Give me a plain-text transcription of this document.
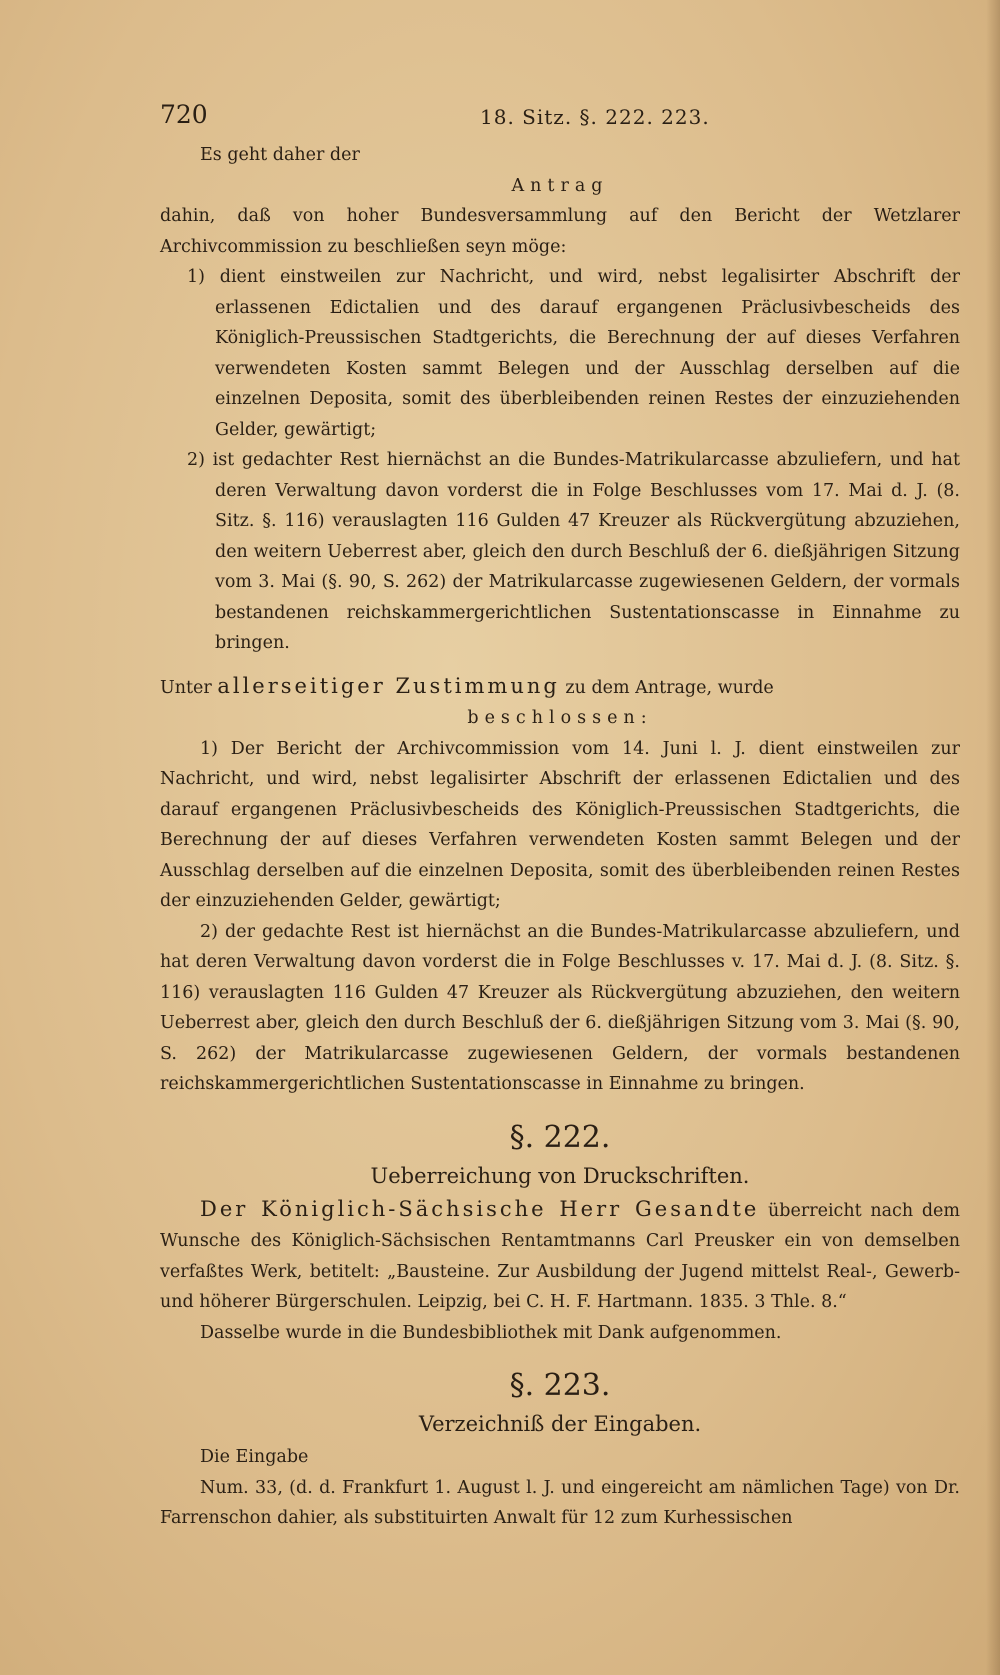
720	18. Sitz. §. 222. 223.

Es geht daher der

Antrag

dahin, daß von hoher Bundesversammlung auf den Bericht der Wetzlarer Archivcommission zu beschließen seyn möge:

1) dient einstweilen zur Nachricht, und wird, nebst legalisirter Abschrift der erlassenen Edictalien und des darauf ergangenen Präclusivbescheids des Königlich-Preussischen Stadtgerichts, die Berechnung der auf dieses Verfahren verwendeten Kosten sammt Belegen und der Ausschlag derselben auf die einzelnen Deposita, somit des überbleibenden reinen Restes der einzuziehenden Gelder, gewärtigt;

2) ist gedachter Rest hiernächst an die Bundes-Matrikularcasse abzuliefern, und hat deren Verwaltung davon vorderst die in Folge Beschlusses vom 17. Mai d. J. (8. Sitz. §. 116) verauslagten 116 Gulden 47 Kreuzer als Rückvergütung abzuziehen, den weitern Ueberrest aber, gleich den durch Beschluß der 6. dießjährigen Sitzung vom 3. Mai (§. 90, S. 262) der Matrikularcasse zugewiesenen Geldern, der vormals bestandenen reichskammergerichtlichen Sustentationscasse in Einnahme zu bringen.

Unter allerseitiger Zustimmung zu dem Antrage, wurde

beschlossen:

1) Der Bericht der Archivcommission vom 14. Juni l. J. dient einstweilen zur Nachricht, und wird, nebst legalisirter Abschrift der erlassenen Edictalien und des darauf ergangenen Präclusivbescheids des Königlich-Preussischen Stadtgerichts, die Berechnung der auf dieses Verfahren verwendeten Kosten sammt Belegen und der Ausschlag derselben auf die einzelnen Deposita, somit des überbleibenden reinen Restes der einzuziehenden Gelder, gewärtigt;

2) der gedachte Rest ist hiernächst an die Bundes-Matrikularcasse abzuliefern, und hat deren Verwaltung davon vorderst die in Folge Beschlusses v. 17. Mai d. J. (8. Sitz. §. 116) verauslagten 116 Gulden 47 Kreuzer als Rückvergütung abzuziehen, den weitern Ueberrest aber, gleich den durch Beschluß der 6. dießjährigen Sitzung vom 3. Mai (§. 90, S. 262) der Matrikularcasse zugewiesenen Geldern, der vormals bestandenen reichskammergerichtlichen Sustentationscasse in Einnahme zu bringen.

§. 222.
Ueberreichung von Druckschriften.

Der Königlich-Sächsische Herr Gesandte überreicht nach dem Wunsche des Königlich-Sächsischen Rentamtmanns Carl Preusker ein von demselben verfaßtes Werk, betitelt: „Bausteine. Zur Ausbildung der Jugend mittelst Real-, Gewerb- und höherer Bürgerschulen. Leipzig, bei C. H. F. Hartmann. 1835. 3 Thle. 8.“

Dasselbe wurde in die Bundesbibliothek mit Dank aufgenommen.

§. 223.
Verzeichniß der Eingaben.

Die Eingabe

Num. 33, (d. d. Frankfurt 1. August l. J. und eingereicht am nämlichen Tage) von Dr. Farrenschon dahier, als substituirten Anwalt für 12 zum Kurhessischen
